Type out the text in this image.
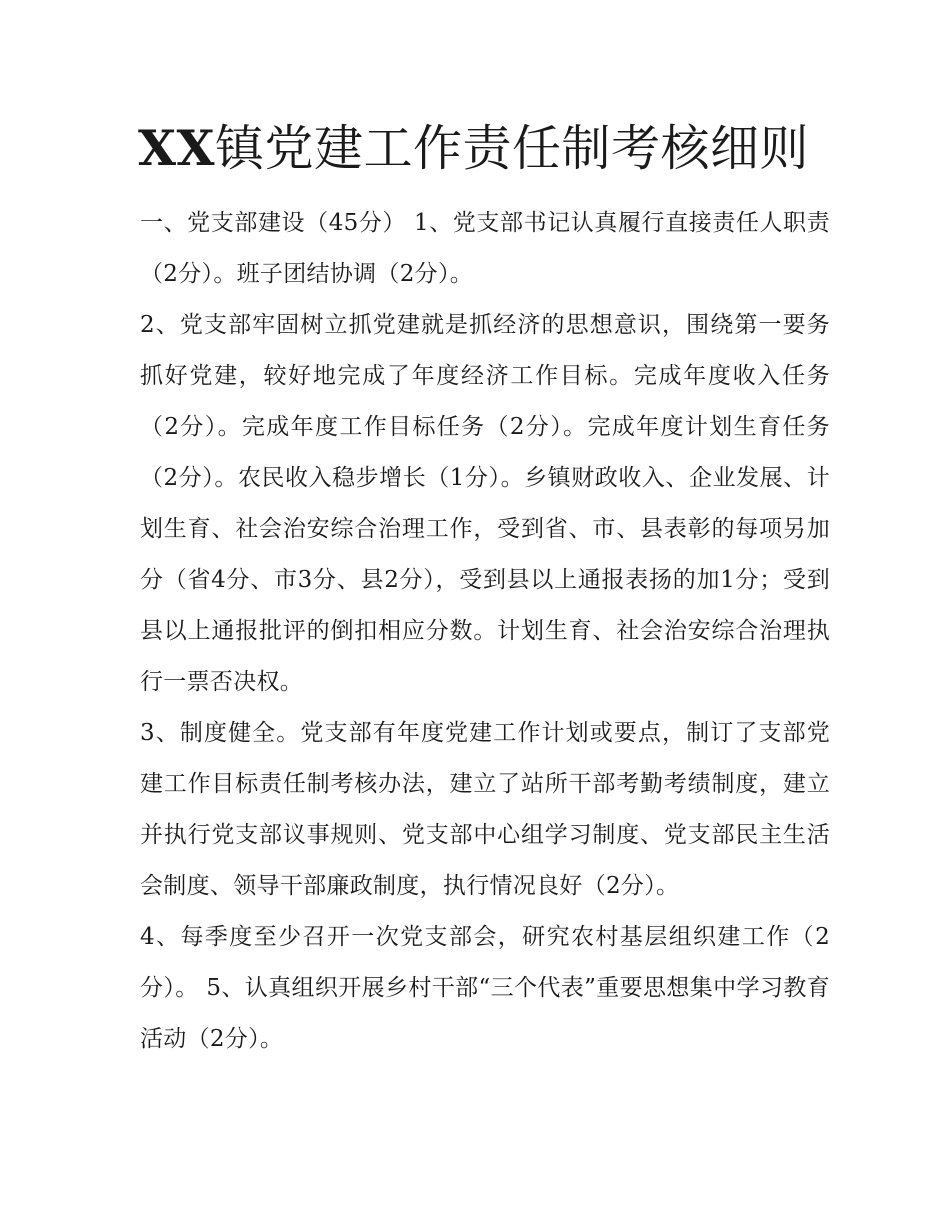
XX镇党建工作责任制考核细则

一、党支部建设（45分） 1、党支部书记认真履行直接责任人职责（2分）。班子团结协调（2分）。

2、党支部牢固树立抓党建就是抓经济的思想意识，围绕第一要务抓好党建，较好地完成了年度经济工作目标。完成年度收入任务（2分）。完成年度工作目标任务（2分）。完成年度计划生育任务（2分）。农民收入稳步增长（1分）。乡镇财政收入、企业发展、计划生育、社会治安综合治理工作，受到省、市、县表彰的每项另加分（省4分、市3分、县2分），受到县以上通报表扬的加1分；受到县以上通报批评的倒扣相应分数。计划生育、社会治安综合治理执行一票否决权。

3、制度健全。党支部有年度党建工作计划或要点，制订了支部党建工作目标责任制考核办法，建立了站所干部考勤考绩制度，建立并执行党支部议事规则、党支部中心组学习制度、党支部民主生活会制度、领导干部廉政制度，执行情况良好（2分）。

4、每季度至少召开一次党支部会，研究农村基层组织建工作（2分）。 5、认真组织开展乡村干部“三个代表”重要思想集中学习教育活动（2分）。
